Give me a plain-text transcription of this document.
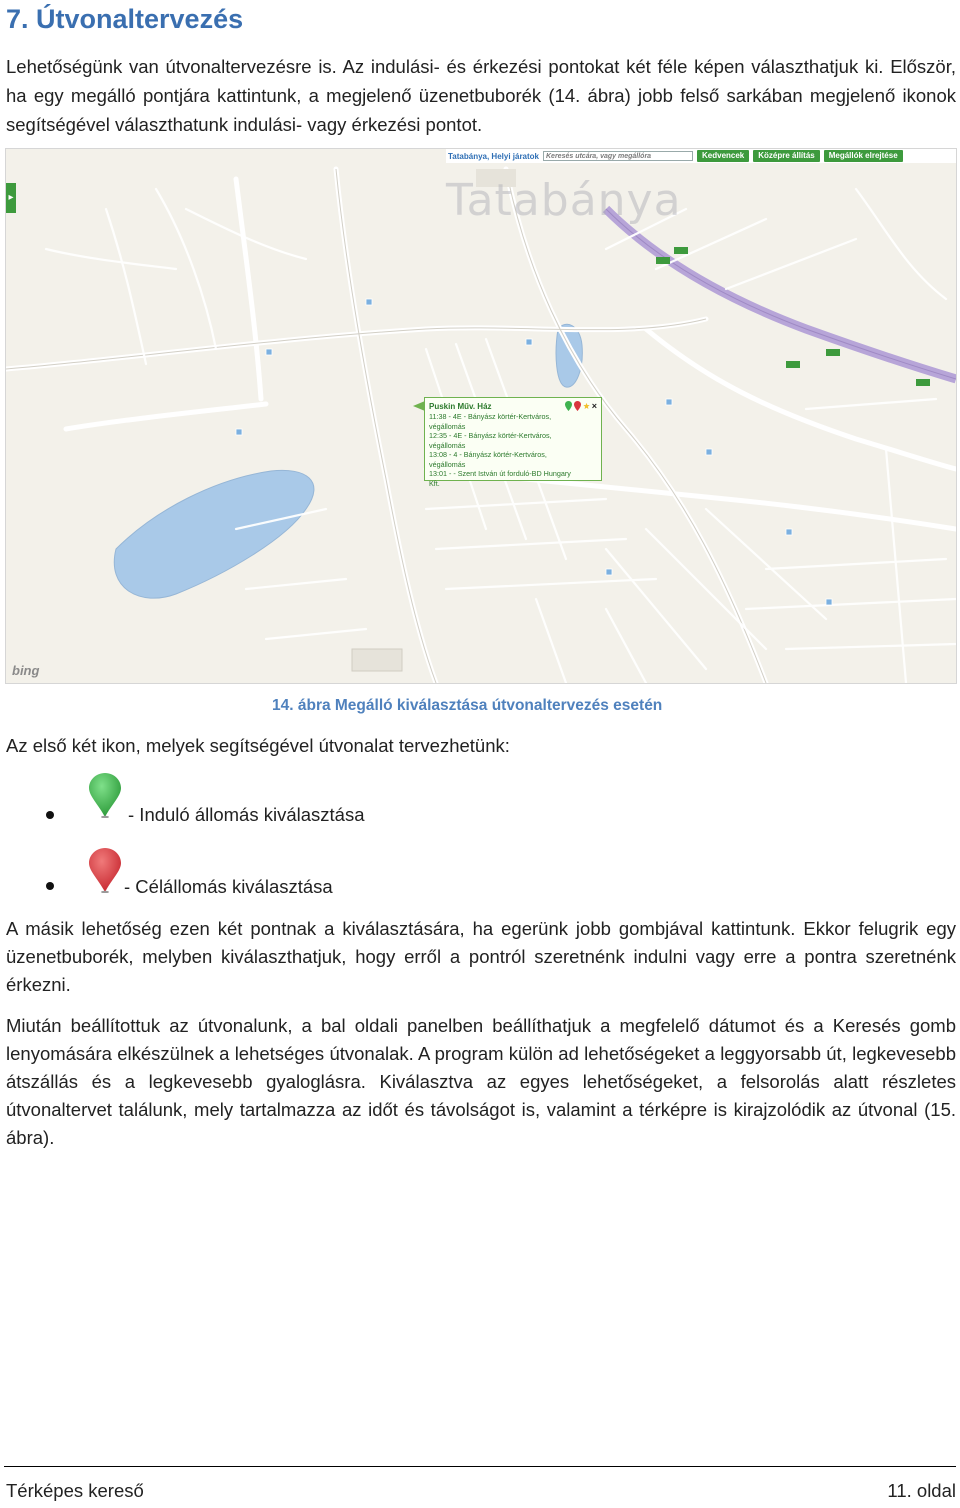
7. Útvonaltervezés

Lehetőségünk van útvonaltervezésre is. Az indulási- és érkezési pontokat két féle képen választhatjuk ki. Először, ha egy megálló pontjára kattintunk, a megjelenő üzenetbuborék (14. ábra) jobb felső sarkában megjelenő ikonok segítségével választhatunk indulási- vagy érkezési pontot.

Tatabánya
Tatabánya, Helyi járatok	Keresés utcára, vagy megállóra	Kedvencek	Középre állítás	Megállók elrejtése
▸
bing
Puskin Műv. Ház	×
11:38 - 4E - Bányász körtér-Kertváros,
végállomás
12:35 - 4E - Bányász körtér-Kertváros,
végállomás
13:08 - 4 - Bányász körtér-Kertváros,
végállomás
13:01 - - Szent István út forduló-BD Hungary
Kft.
14. ábra Megálló kiválasztása útvonaltervezés esetén

Az első két ikon, melyek segítségével útvonalat tervezhetünk:

- Induló állomás kiválasztása
- Célállomás kiválasztása

A másik lehetőség ezen két pontnak a kiválasztására, ha egerünk jobb gombjával kattintunk. Ekkor felugrik egy üzenetbuborék, melyben kiválaszthatjuk, hogy erről a pontról szeretnénk indulni vagy erre a pontra szeretnénk érkezni.

Miután beállítottuk az útvonalunk, a bal oldali panelben beállíthatjuk a megfelelő dátumot és a Keresés gomb lenyomására elkészülnek a lehetséges útvonalak. A program külön ad lehetőségeket a leggyorsabb út, legkevesebb átszállás és a legkevesebb gyaloglásra. Kiválasztva az egyes lehetőségeket, a felsorolás alatt részletes útvonaltervet találunk, mely tartalmazza az időt és távolságot is, valamint a térképre is kirajzolódik az útvonal (15. ábra).

Térképes kereső	11. oldal
